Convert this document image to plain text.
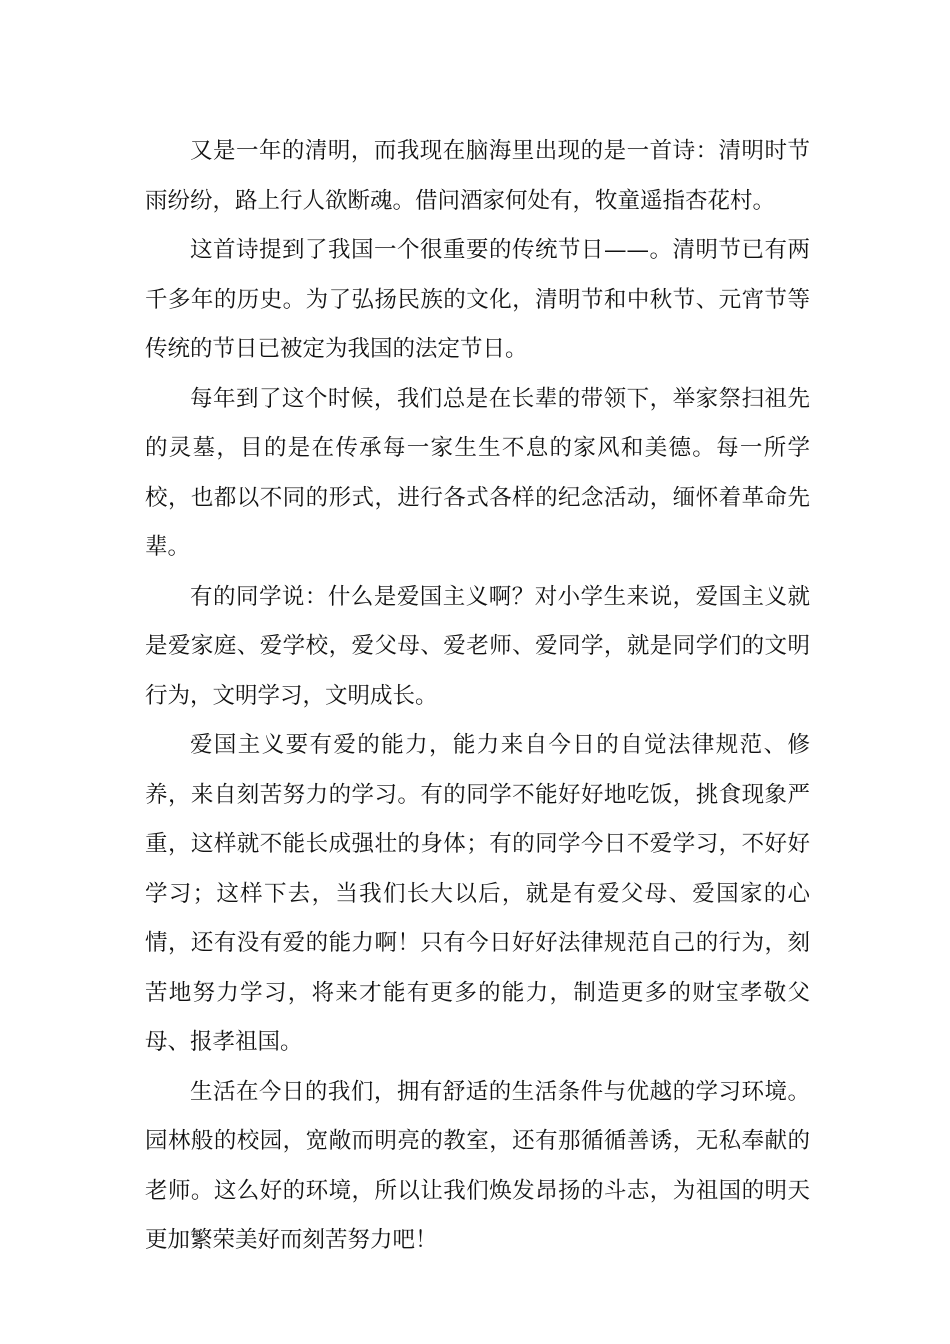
又是一年的清明，而我现在脑海里出现的是一首诗：清明时节雨纷纷，路上行人欲断魂。借问酒家何处有，牧童遥指杏花村。

这首诗提到了我国一个很重要的传统节日——。清明节已有两千多年的历史。为了弘扬民族的文化，清明节和中秋节、元宵节等传统的节日已被定为我国的法定节日。

每年到了这个时候，我们总是在长辈的带领下，举家祭扫祖先的灵墓，目的是在传承每一家生生不息的家风和美德。每一所学校，也都以不同的形式，进行各式各样的纪念活动，缅怀着革命先辈。

有的同学说：什么是爱国主义啊？对小学生来说，爱国主义就是爱家庭、爱学校，爱父母、爱老师、爱同学，就是同学们的文明行为，文明学习，文明成长。

爱国主义要有爱的能力，能力来自今日的自觉法律规范、修养，来自刻苦努力的学习。有的同学不能好好地吃饭，挑食现象严重，这样就不能长成强壮的身体；有的同学今日不爱学习，不好好学习；这样下去，当我们长大以后，就是有爱父母、爱国家的心情，还有没有爱的能力啊！只有今日好好法律规范自己的行为，刻苦地努力学习，将来才能有更多的能力，制造更多的财宝孝敬父母、报孝祖国。

生活在今日的我们，拥有舒适的生活条件与优越的学习环境。园林般的校园，宽敞而明亮的教室，还有那循循善诱，无私奉献的老师。这么好的环境，所以让我们焕发昂扬的斗志，为祖国的明天更加繁荣美好而刻苦努力吧！
